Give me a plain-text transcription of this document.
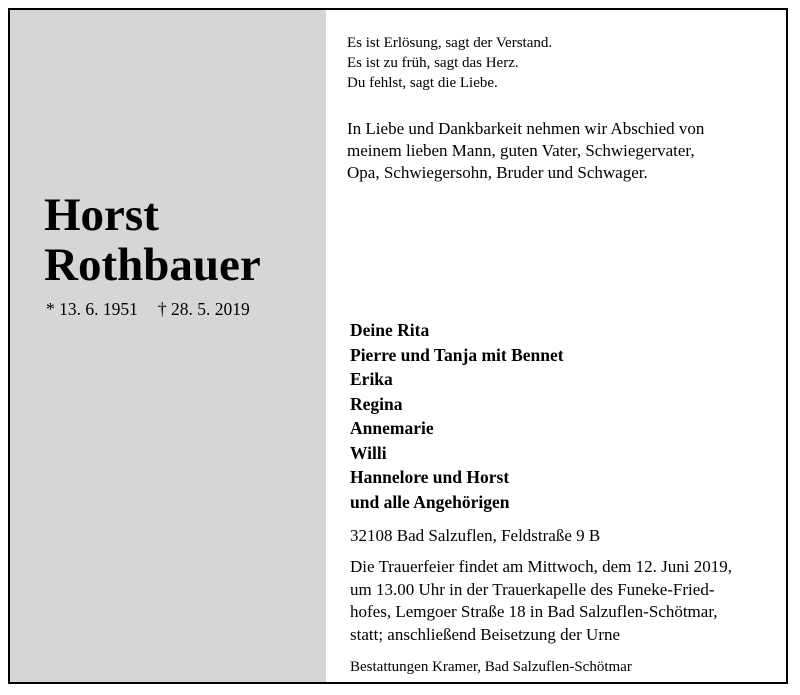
Horst
Rothbauer
* 13. 6. 1951 † 28. 5. 2019
Es ist Erlösung, sagt der Verstand.
Es ist zu früh, sagt das Herz.
Du fehlst, sagt die Liebe.
In Liebe und Dankbarkeit nehmen wir Abschied von
meinem lieben Mann, guten Vater, Schwiegervater,
Opa, Schwiegersohn, Bruder und Schwager.
Deine Rita
Pierre und Tanja mit Bennet
Erika
Regina
Annemarie
Willi
Hannelore und Horst
und alle Angehörigen
32108 Bad Salzuflen, Feldstraße 9 B
Die Trauerfeier findet am Mittwoch, dem 12. Juni 2019,
um 13.00 Uhr in der Trauerkapelle des Funeke-Fried-
hofes, Lemgoer Straße 18 in Bad Salzuflen-Schötmar,
statt; anschließend Beisetzung der Urne
Bestattungen Kramer, Bad Salzuflen-Schötmar
